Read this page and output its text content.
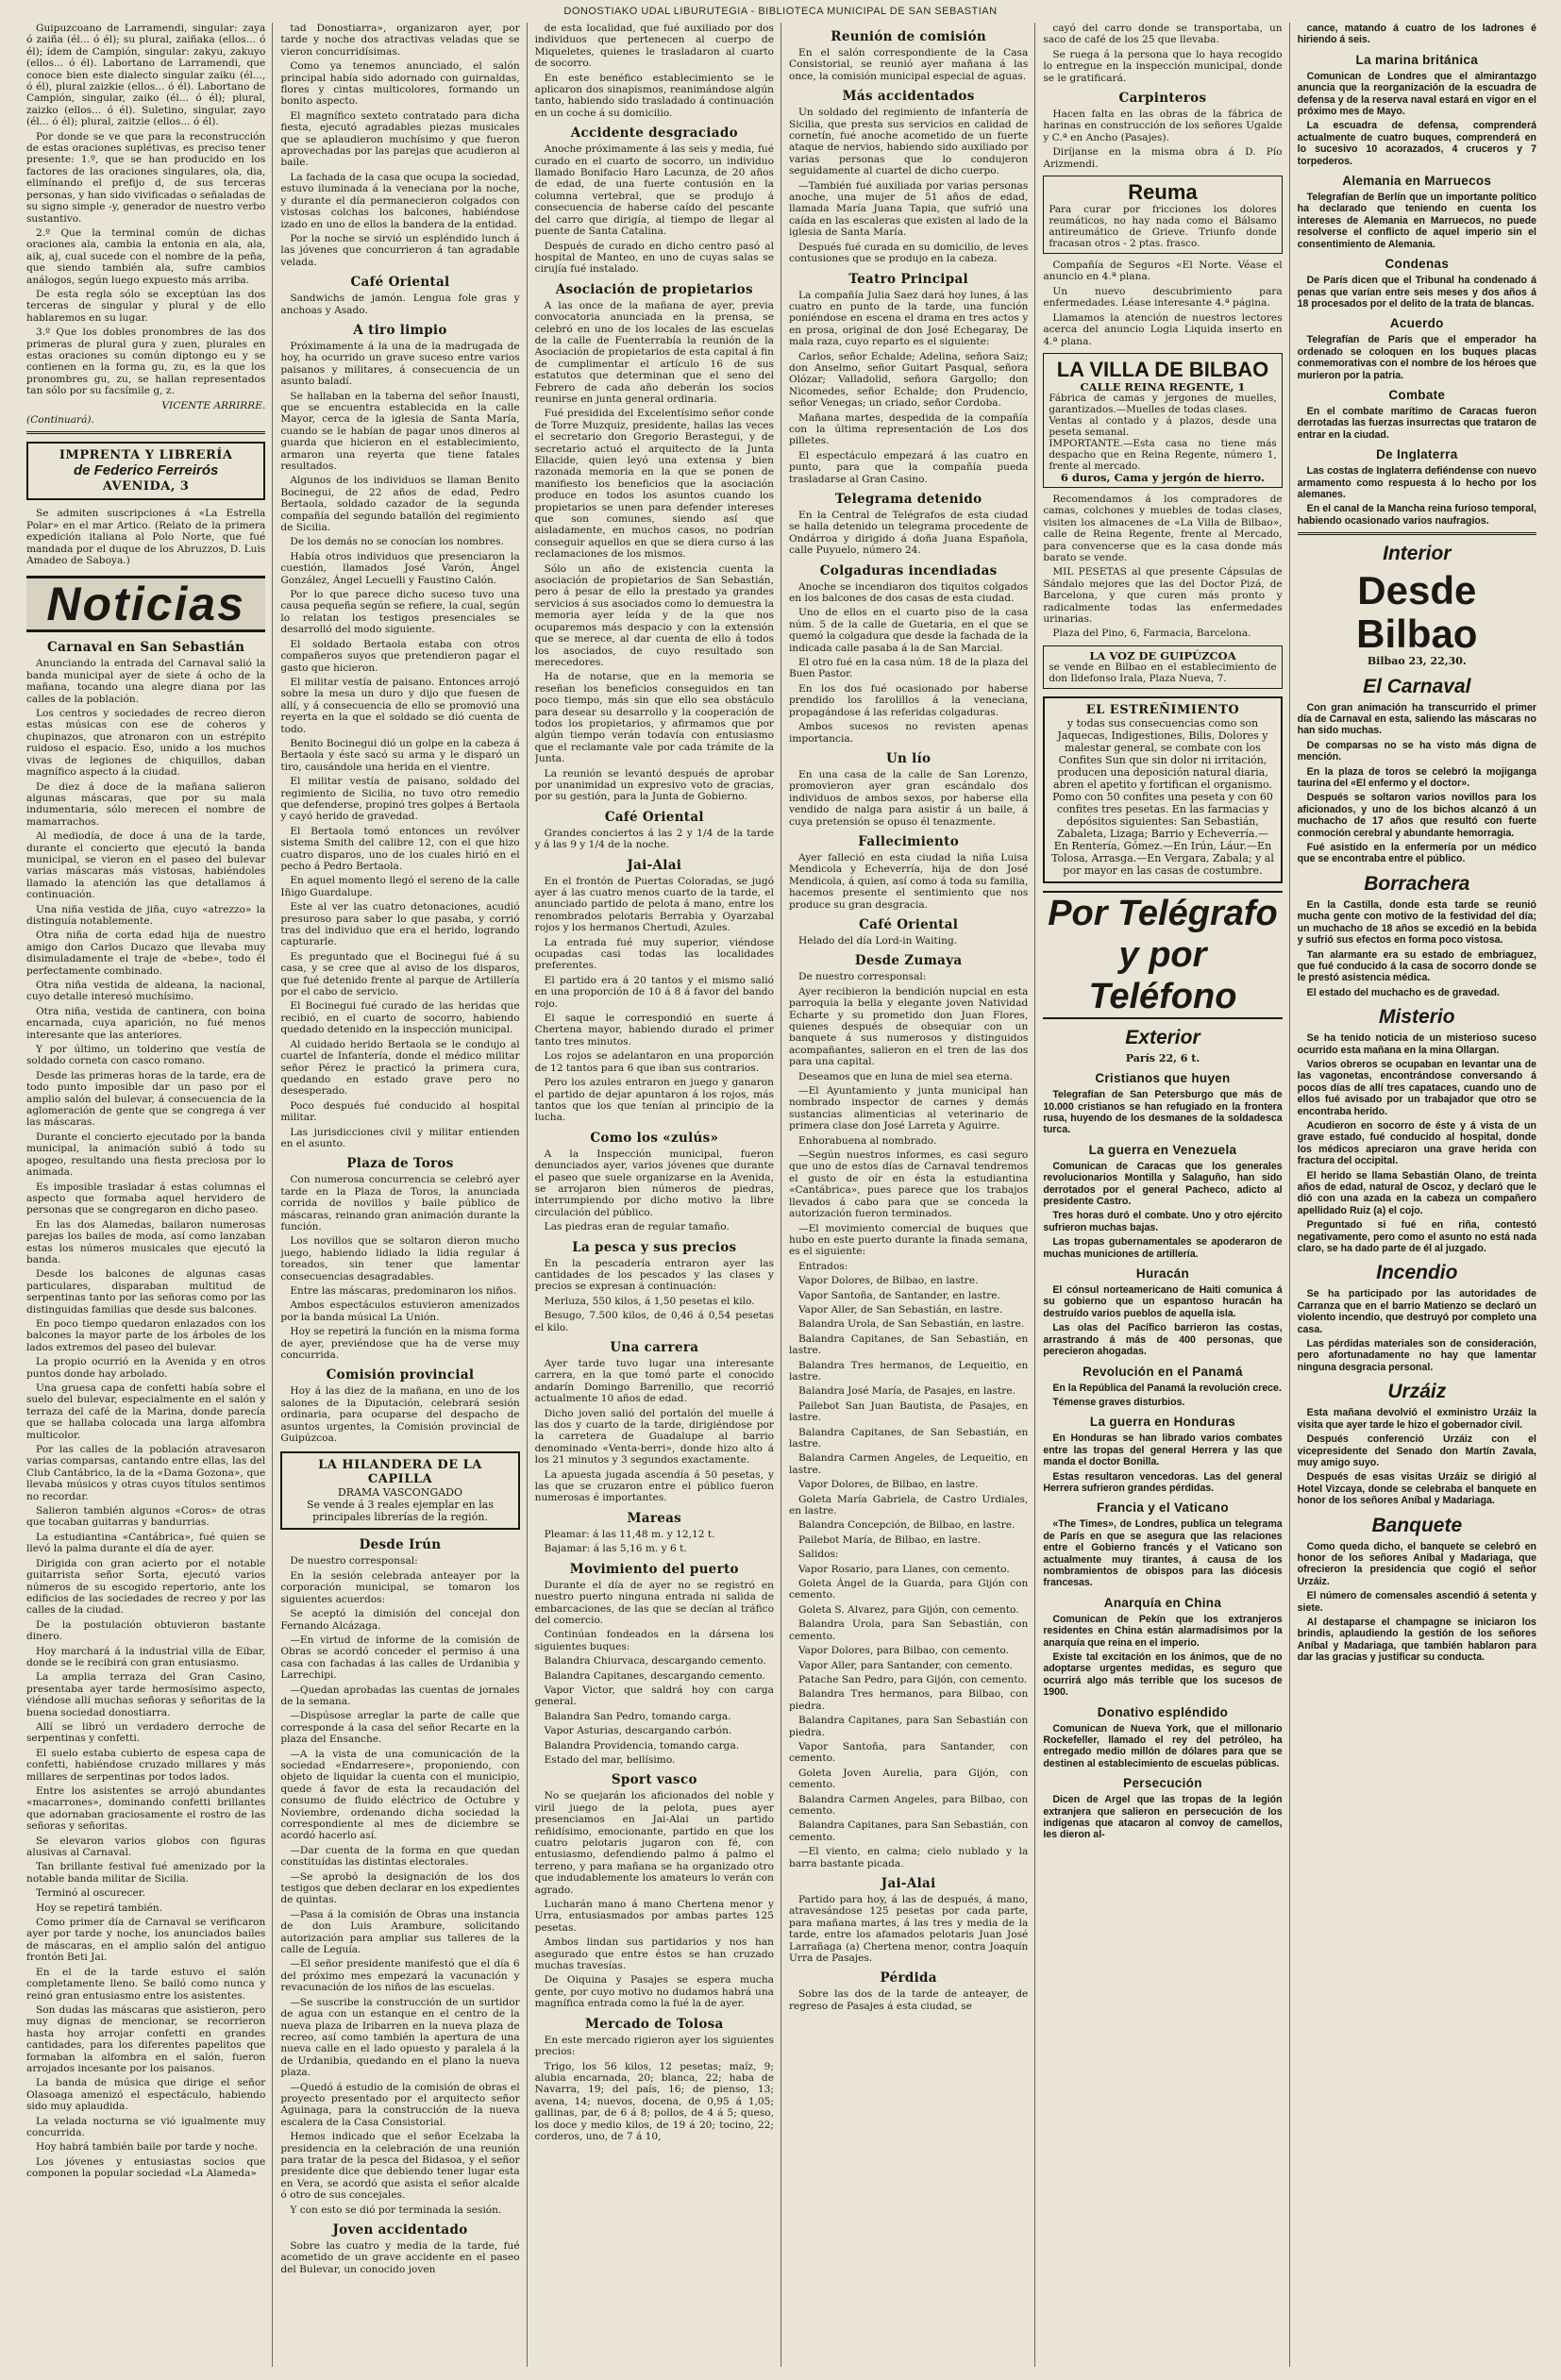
DONOSTIAKO UDAL LIBURUTEGIA - BIBLIOTECA MUNICIPAL DE SAN SEBASTIAN

Guipuzcoano de Larramendi, singular: zaya ó zaiña (él... ó él); su plural, zaiñaka (ellos... ó él); ídem de Campión, singular: zakyu, zakuyo (ellos... ó él). Labortano de Larramendi, que conoce bien este dialecto singular zaiku (él..., ó él), plural zaizkie (ellos... ó él). Labortano de Campión, singular, zaiko (él... ó él); plural, zaizko (ellos... ó él). Suletino, singular, zayo (él... ó él); plural, zaitzie (ellos... ó él).

Por donde se ve que para la reconstrucción de estas oraciones suplétivas, es preciso tener presente: 1.º, que se han producido en los factores de las oraciones singulares, ola, dia, elimínando el prefijo d, de sus terceras personas, y han sido vivificadas o señaladas de su signo simple -y, generador de nuestro verbo sustantivo.

2.º Que la terminal común de dichas oraciones ala, cambia la entonia en ala, ala, aik, aj, cual sucede con el nombre de la peña, que siendo también ala, sufre cambios análogos, según luego expuesto más arriba.

De esta regla sólo se exceptúan las dos terceras de singular y plural y de ello hablaremos en su lugar.

3.º Que los dobles pronombres de las dos primeras de plural gura y zuen, plurales en estas oraciones su común diptongo eu y se contienen en la forma gu, zu, es la que los pronombres gu, zu, se hallan representados tan sólo por su facsímile g, z.

VICENTE ARRIRRE.

(Continuará).

IMPRENTA Y LIBRERÍA
de Federico Ferreirós
AVENIDA, 3

Se admiten suscripciones á «La Estrella Polar» en el mar Artico. (Relato de la primera expedición italiana al Polo Norte, que fué mandada por el duque de los Abruzzos, D. Luis Amadeo de Saboya.)

Noticias
Carnaval en San Sebastián

Anunciando la entrada del Carnaval salió la banda municipal ayer de siete á ocho de la mañana, tocando una alegre diana por las calles de la población.

Los centros y sociedades de recreo dieron estas músicas con ese de coheros y chupinazos, que atronaron con un estrépito ruidoso el espacio. Eso, unido a los muchos vivas de legiones de chiquillos, daban magnífico aspecto á la ciudad.

De diez á doce de la mañana salieron algunas máscaras, que por su mala indumentaria, sólo merecen el nombre de mamarrachos.

Al mediodía, de doce á una de la tarde, durante el concierto que ejecutó la banda municipal, se vieron en el paseo del bulevar varias máscaras más vistosas, habiéndoles llamado la atención las que detallamos á continuación.

Una niña vestida de jiña, cuyo «atrezzo» la distinguía notablemente.

Otra niña de corta edad hija de nuestro amigo don Carlos Ducazo que llevaba muy disimuladamente el traje de «bebe», todo él perfectamente combinado.

Otra niña vestida de aldeana, la nacional, cuyo detalle interesó muchísimo.

Otra niña, vestida de cantinera, con boina encarnada, cuya aparición, no fué menos interesante que las anteriores.

Y por último, un tolderino que vestía de soldado corneta con casco romano.

Desde las primeras horas de la tarde, era de todo punto imposible dar un paso por el amplio salón del bulevar, á consecuencia de la aglomeración de gente que se congrega á ver las máscaras.

Durante el concierto ejecutado por la banda municipal, la animación subió á todo su apogeo, resultando una fiesta preciosa por lo animada.

Es imposible trasladar á estas columnas el aspecto que formaba aquel hervidero de personas que se congregaron en dicho paseo.

En las dos Alamedas, bailaron numerosas parejas los bailes de moda, así como lanzaban estas los números musicales que ejecutó la banda.

Desde los balcones de algunas casas particulares, disparaban multitud de serpentinas tanto por las señoras como por las distinguidas familias que desde sus balcones.

En poco tiempo quedaron enlazados con los balcones la mayor parte de los árboles de los lados extremos del paseo del bulevar.

La propio ocurrió en la Avenida y en otros puntos donde hay arbolado.

Una gruesa capa de confetti había sobre el suelo del bulevar, especialmente en el salón y terraza del café de la Marina, donde parecía que se hallaba colocada una larga alfombra multicolor.

Por las calles de la población atravesaron varias comparsas, cantando entre ellas, las del Club Cantábrico, la de la «Dama Gozona», que llevaba músicos y otras cuyos títulos sentimos no recordar.

Salieron también algunos «Coros» de otras que tocaban guitarras y bandurrias.

La estudiantina «Cantábrica», fué quien se llevó la palma durante el día de ayer.

Dirigida con gran acierto por el notable guitarrista señor Sorta, ejecutó varios números de su escogido repertorio, ante los edificios de las sociedades de recreo y por las calles de la ciudad.

De la postulación obtuvieron bastante dinero.

Hoy marchará á la industrial villa de Eibar, donde se le recibirá con gran entusiasmo.

La amplia terraza del Gran Casino, presentaba ayer tarde hermosísimo aspecto, viéndose allí muchas señoras y señoritas de la buena sociedad donostiarra.

Allí se libró un verdadero derroche de serpentinas y confetti.

El suelo estaba cubierto de espesa capa de confetti, habiéndose cruzado millares y más millares de serpentinas por todos lados.

Entre los asistentes se arrojó abundantes «macarrones», dominando confetti brillantes que adornaban graciosamente el rostro de las señoras y señoritas.

Se elevaron varios globos con figuras alusivas al Carnaval.

Tan brillante festival fué amenizado por la notable banda militar de Sicilia.

Terminó al oscurecer.

Hoy se repetirá también.

Como primer día de Carnaval se verificaron ayer por tarde y noche, los anunciados bailes de máscaras, en el amplio salón del antiguo frontón Beti Jai.

En el de la tarde estuvo el salón completamente lleno. Se bailó como nunca y reinó gran entusiasmo entre los asistentes.

Son dudas las máscaras que asistieron, pero muy dignas de mencionar, se recorrieron hasta hoy arrojar confetti en grandes cantidades, para los diferentes papelitos que formaban la alfombra en el salón, fueron arrojados incesante por los paisanos.

La banda de música que dirige el señor Olasoaga amenizó el espectáculo, habiendo sido muy aplaudida.

La velada nocturna se vió igualmente muy concurrida.

Hoy habrá también baile por tarde y noche.

Los jóvenes y entusiastas socios que componen la popular sociedad «La Alameda»

tad Donostiarra», organizaron ayer, por tarde y noche dos atractivas veladas que se vieron concurridísimas.

Como ya tenemos anunciado, el salón principal había sido adornado con guirnaldas, flores y cintas multicolores, formando un bonito aspecto.

El magnífico sexteto contratado para dicha fiesta, ejecutó agradables piezas musicales que se aplaudieron muchísimo y que fueron aprovechadas por las parejas que acudieron al baile.

La fachada de la casa que ocupa la sociedad, estuvo iluminada á la veneciana por la noche, y durante el día permanecieron colgados con vistosas colchas los balcones, habiéndose izado en uno de ellos la bandera de la entidad.

Por la noche se sirvió un espléndido lunch á las jóvenes que concurrieron á tan agradable velada.

Café Oriental

Sandwichs de jamón. Lengua fole gras y anchoas y Asado.

A tiro limpio

Próximamente á la una de la madrugada de hoy, ha ocurrido un grave suceso entre varios paisanos y militares, á consecuencia de un asunto baladí.

Se hallaban en la taberna del señor Inausti, que se encuentra establecida en la calle Mayor, cerca de la iglesia de Santa María, cuando se le habían de pagar unos dineros al guarda que hicieron en el establecimiento, armaron una reyerta que tiene fatales resultados.

Algunos de los individuos se llaman Benito Bocinegui, de 22 años de edad, Pedro Bertaola, soldado cazador de la segunda compañía del segundo batallón del regimiento de Sicilia.

De los demás no se conocían los nombres.

Había otros individuos que presenciaron la cuestión, llamados José Varón, Ángel González, Ángel Lecuelli y Faustino Calón.

Por lo que parece dicho suceso tuvo una causa pequeña según se refiere, la cual, según lo relatan los testigos presenciales se desarrolló del modo siguiente.

El soldado Bertaola estaba con otros compañeros suyos que pretendieron pagar el gasto que hicieron.

El militar vestía de paisano. Entonces arrojó sobre la mesa un duro y dijo que fuesen de allí, y á consecuencia de ello se promovió una reyerta en la que el soldado se dió cuenta de todo.

Benito Bocinegui dió un golpe en la cabeza á Bertaola y éste sacó su arma y le disparó un tiro, causándole una herida en el vientre.

El militar vestía de paisano, soldado del regimiento de Sicilia, no tuvo otro remedio que defenderse, propinó tres golpes á Bertaola y cayó herido de gravedad.

El Bertaola tomó entonces un revólver sistema Smith del calibre 12, con el que hizo cuatro disparos, uno de los cuales hirió en el pecho á Pedro Bertaola.

En aquel momento llegó el sereno de la calle Iñigo Guardalupe.

Este al ver las cuatro detonaciones, acudió presuroso para saber lo que pasaba, y corrió tras del individuo que era el herido, logrando capturarle.

Es preguntado que el Bocinegui fué á su casa, y se cree que al aviso de los disparos, que fué detenido frente al parque de Artillería por el cabo de servicio.

El Bocinegui fué curado de las heridas que recibió, en el cuarto de socorro, habiendo quedado detenido en la inspección municipal.

Al cuidado herido Bertaola se le condujo al cuartel de Infantería, donde el médico militar señor Pérez le practicó la primera cura, quedando en estado grave pero no desesperado.

Poco después fué conducido al hospital militar.

Las jurisdicciones civil y militar entienden en el asunto.

Plaza de Toros

Con numerosa concurrencia se celebró ayer tarde en la Plaza de Toros, la anunciada corrida de novillos y baile público de máscaras, reinando gran animación durante la función.

Los novillos que se soltaron dieron mucho juego, habiendo lidiado la lidia regular á toreados, sin tener que lamentar consecuencias desagradables.

Entre las máscaras, predominaron los niños.

Ambos espectáculos estuvieron amenizados por la banda músical La Unión.

Hoy se repetirá la función en la misma forma de ayer, previéndose que ha de verse muy concurrida.

Comisión provincial

Hoy á las diez de la mañana, en uno de los salones de la Diputación, celebrará sesión ordinaria, para ocuparse del despacho de asuntos urgentes, la Comisión provincial de Guipúzcoa.

LA HILANDERA DE LA CAPILLA
DRAMA VASCONGADO
Se vende á 3 reales ejemplar en las principales librerías de la región.
Desde Irún

De nuestro corresponsal:

En la sesión celebrada anteayer por la corporación municipal, se tomaron los siguientes acuerdos:

Se aceptó la dimisión del concejal don Fernando Alcázaga.

—En virtud de informe de la comisión de Obras se acordó conceder el permiso á una casa con fachadas á las calles de Urdanibia y Larrechipi.

—Quedan aprobadas las cuentas de jornales de la semana.

—Dispúsose arreglar la parte de calle que corresponde á la casa del señor Recarte en la plaza del Ensanche.

—A la vista de una comunicación de la sociedad «Endarresere», proponiendo, con objeto de liquidar la cuenta con el municipio, quede á favor de esta la recaudación del consumo de fluido eléctrico de Octubre y Noviembre, ordenando dicha sociedad la correspondiente al mes de diciembre se acordó hacerlo así.

—Dar cuenta de la forma en que quedan constituídas las distintas electorales.

—Se aprobó la designación de los dos testigos que deben declarar en los expedientes de quintas.

—Pasa á la comisión de Obras una instancia de don Luis Arambure, solicitando autorización para ampliar sus talleres de la calle de Leguía.

—El señor presidente manifestó que el día 6 del próximo mes empezará la vacunación y revacunación de los niños de las escuelas.

—Se suscribe la construcción de un surtidor de agua con un estanque en el centro de la nueva plaza de Iribarren en la nueva plaza de recreo, así como también la apertura de una nueva calle en el lado opuesto y paralela á la de Urdanibia, quedando en el plano la nueva plaza.

—Quedó á estudio de la comisión de obras el proyecto presentado por el arquitecto señor Aguinaga, para la construcción de la nueva escalera de la Casa Consistorial.

Hemos indicado que el señor Ecelzaba la presidencia en la celebración de una reunión para tratar de la pesca del Bidasoa, y el señor presidente dice que debiendo tener lugar esta en Vera, se acordó que asista el señor alcalde ó otro de sus concejales.

Y con esto se dió por terminada la sesión.

Joven accidentado

Sobre las cuatro y media de la tarde, fué acometido de un grave accidente en el paseo del Bulevar, un conocido joven

de esta localidad, que fué auxiliado por dos individuos que pertenecen al cuerpo de Miqueletes, quienes le trasladaron al cuarto de socorro.

En este benéfico establecimiento se le aplicaron dos sinapismos, reanimándose algún tanto, habiendo sido trasladado á continuación en un coche á su domicilio.

Accidente desgraciado

Anoche próximamente á las seis y media, fué curado en el cuarto de socorro, un individuo llamado Bonifacio Haro Lacunza, de 20 años de edad, de una fuerte contusión en la columna vertebral, que se produjo á consecuencia de haberse caído del pescante del carro que dirigía, al tiempo de llegar al puente de Santa Catalina.

Después de curado en dicho centro pasó al hospital de Manteo, en uno de cuyas salas se cirujía fué instalado.

Asociación de propietarios

A las once de la mañana de ayer, previa convocatoria anunciada en la prensa, se celebró en uno de los locales de las escuelas de la calle de Fuenterrabía la reunión de la Asociación de propietarios de esta capital á fin de cumplimentar el artículo 16 de sus estatutos que determinan que el seno del Febrero de cada año deberán los socios reunirse en junta general ordinaria.

Fué presidida del Excelentísimo señor conde de Torre Muzquiz, presidente, hallas las veces el secretario don Gregorio Berastegui, y de secretario actuó el arquitecto de la Junta Ellacide, quien leyó una extensa y bien razonada memoria en la que se ponen de manifiesto los beneficios que la asociación produce en todos los asuntos cuando los propietarios se unen para defender intereses que son comunes, siendo así que aisladamente, en muchos casos, no podrían conseguir aquellos en que se diera curso á las reclamaciones de los mismos.

Sólo un año de existencia cuenta la asociación de propietarios de San Sebastián, pero á pesar de ello la prestado ya grandes servicios á sus asociados como lo demuestra la memoria ayer leída y de la que nos ocuparemos más despacio y con la extensión que se merece, al dar cuenta de ello á todos los asociados, de cuyo resultado son merecedores.

Ha de notarse, que en la memoria se reseñan los beneficios conseguidos en tan poco tiempo, más sin que ello sea obstáculo para desear su desarrollo y la cooperación de todos los propietarios, y afirmamos que por algún tiempo verán todavía con entusiasmo que el reclamante vale por cada trámite de la Junta.

La reunión se levantó después de aprobar por unanimidad un expresivo voto de gracias, por su gestión, para la Junta de Gobierno.

Café Oriental

Grandes conciertos á las 2 y 1/4 de la tarde y á las 9 y 1/4 de la noche.

Jai-Alai

En el frontón de Puertas Coloradas, se jugó ayer á las cuatro menos cuarto de la tarde, el anunciado partido de pelota á mano, entre los renombrados pelotaris Berrabia y Oyarzabal rojos y los hermanos Chertudi, Azules.

La entrada fué muy superior, viéndose ocupadas casi todas las localidades preferentes.

El partido era á 20 tantos y el mismo salió en una proporción de 10 á 8 á favor del bando rojo.

El saque le correspondió en suerte á Chertena mayor, habiendo durado el primer tanto tres minutos.

Los rojos se adelantaron en una proporción de 12 tantos para 6 que iban sus contrarios.

Pero los azules entraron en juego y ganaron el partido de dejar apuntaron á los rojos, más tantos que los que tenían al principio de la lucha.

Como los «zulús»

A la Inspección municipal, fueron denunciados ayer, varios jóvenes que durante el paseo que suele organizarse en la Avenida, se arrojaron bien números de piedras, interrumpiendo por dicho motivo la libre circulación del público.

Las piedras eran de regular tamaño.

La pesca y sus precios

En la pescadería entraron ayer las cantidades de los pescados y las clases y precios se expresan á continuación:

Merluza, 550 kilos, á 1,50 pesetas el kilo.

Besugo, 7.500 kilos, de 0,46 á 0,54 pesetas el kilo.

Una carrera

Ayer tarde tuvo lugar una interesante carrera, en la que tomó parte el conocido andarín Domingo Barrenillo, que recorrió actualmente 10 años de edad.

Dicho joven salió del portalón del muelle á las dos y cuarto de la tarde, dirigiéndose por la carretera de Guadalupe al barrio denominado «Venta-berri», donde hizo alto á los 21 minutos y 3 segundos exactamente.

La apuesta jugada ascendía á 50 pesetas, y las que se cruzaron entre el público fueron numerosas é importantes.

Mareas

Pleamar: á las 11,48 m. y 12,12 t.

Bajamar: á las 5,16 m. y 6 t.

Movimiento del puerto

Durante el día de ayer no se registró en nuestro puerto ninguna entrada ni salida de embarcaciones, de las que se decían al tráfico del comercio.

Continúan fondeados en la dársena los siguientes buques:

Balandra Chiurvaca, descargando cemento.

Balandra Capitanes, descargando cemento.

Vapor Victor, que saldrá hoy con carga general.

Balandra San Pedro, tomando carga.

Vapor Asturias, descargando carbón.

Balandra Providencia, tomando carga.

Estado del mar, bellísimo.

Sport vasco

No se quejarán los aficionados del noble y viril juego de la pelota, pues ayer presenciamos en Jai-Alai un partido reñidísimo, emocionante, partido en que los cuatro pelotaris jugaron con fé, con entusiasmo, defendiendo palmo á palmo el terreno, y para mañana se ha organizado otro que indudablemente los amateurs lo verán con agrado.

Lucharán mano á mano Chertena menor y Urra, entusiasmados por ambas partes 125 pesetas.

Ambos lindan sus partidarios y nos han asegurado que entre éstos se han cruzado muchas travesías.

De Oiquina y Pasajes se espera mucha gente, por cuyo motivo no dudamos habrá una magnífica entrada como la fué la de ayer.

Mercado de Tolosa

En este mercado rigieron ayer los siguientes precios:

Trigo, los 56 kilos, 12 pesetas; maíz, 9; alubia encarnada, 20; blanca, 22; haba de Navarra, 19; del país, 16; de pienso, 13; avena, 14; nuevos, docena, de 0,95 á 1,05; gallinas, par, de 6 á 8; pollos, de 4 á 5; queso, los doce y medio kilos, de 19 á 20; tocino, 22; corderos, uno, de 7 á 10,

Reunión de comisión

En el salón correspondiente de la Casa Consistorial, se reunió ayer mañana á las once, la comisión municipal especial de aguas.

Más accidentados

Un soldado del regimiento de infantería de Sicilia, que presta sus servicios en calidad de cornetín, fué anoche acometido de un fuerte ataque de nervios, habiendo sido auxiliado por varias personas que lo condujeron seguidamente al cuartel de dicho cuerpo.

—También fué auxiliada por varias personas anoche, una mujer de 51 años de edad, llamada María Juana Tapia, que sufrió una caída en las escaleras que existen al lado de la iglesia de Santa María.

Después fué curada en su domicilio, de leves contusiones que se produjo en la cabeza.

Teatro Principal

La compañía Julia Saez dará hoy lunes, á las cuatro en punto de la tarde, una función poniéndose en escena el drama en tres actos y en prosa, original de don José Echegaray, De mala raza, cuyo reparto es el siguiente:

Carlos, señor Echalde; Adelina, señora Saiz; don Anselmo, señor Guitart Pasqual, señora Olózar; Valladolid, señora Gargollo; don Nicomedes, señor Echalde; don Prudencio, señor Venegas; un criado, señor Cordoba.

Mañana martes, despedida de la compañía con la última representación de Los dos pilletes.

El espectáculo empezará á las cuatro en punto, para que la compañía pueda trasladarse al Gran Casino.

Telegrama detenido

En la Central de Telégrafos de esta ciudad se halla detenido un telegrama procedente de Ondárroa y dirigido á doña Juana Española, calle Puyuelo, número 24.

Colgaduras incendiadas

Anoche se incendiaron dos tiquitos colgados en los balcones de dos casas de esta ciudad.

Uno de ellos en el cuarto piso de la casa núm. 5 de la calle de Guetaria, en el que se quemó la colgadura que desde la fachada de la indicada calle pasaba á la de San Marcial.

El otro fué en la casa núm. 18 de la plaza del Buen Pastor.

En los dos fué ocasionado por haberse prendido los farolillos á la veneciana, propagándose á las referidas colgaduras.

Ambos sucesos no revisten apenas importancia.

Un lío

En una casa de la calle de San Lorenzo, promovieron ayer gran escándalo dos individuos de ambos sexos, por haberse ella vendido de nalga para asistir á un baile, á cuya pretensión se opuso él tenazmente.

Fallecimiento

Ayer falleció en esta ciudad la niña Luisa Mendicola y Echeverría, hija de don José Mendicola, á quien, así como á toda su familia, hacemos presente el sentimiento que nos produce su gran desgracia.

Café Oriental

Helado del día Lord-in Waiting.

Desde Zumaya

De nuestro corresponsal:

Ayer recibieron la bendición nupcial en esta parroquia la bella y elegante joven Natividad Echarte y su prometido don Juan Flores, quienes después de obsequiar con un banquete á sus numerosos y distinguidos acompañantes, salieron en el tren de las dos para una capital.

Deseamos que en luna de miel sea eterna.

—El Ayuntamiento y junta municipal han nombrado inspector de carnes y demás sustancias alimenticias al veterinario de primera clase don José Larreta y Aguirre.

Enhorabuena al nombrado.

—Según nuestros informes, es casi seguro que uno de estos días de Carnaval tendremos el gusto de oír en ésta la estudiantina «Cantábrica», pues parece que los trabajos llevados á cabo para que se conceda la autorización fueron terminados.

—El movimiento comercial de buques que hubo en este puerto durante la finada semana, es el siguiente:

Entrados:

Vapor Dolores, de Bilbao, en lastre.

Vapor Santoña, de Santander, en lastre.

Vapor Aller, de San Sebastián, en lastre.

Balandra Urola, de San Sebastián, en lastre.

Balandra Capitanes, de San Sebastián, en lastre.

Balandra Tres hermanos, de Lequeitio, en lastre.

Balandra José María, de Pasajes, en lastre.

Pailebot San Juan Bautista, de Pasajes, en lastre.

Balandra Capitanes, de San Sebastián, en lastre.

Balandra Carmen Angeles, de Lequeitio, en lastre.

Vapor Dolores, de Bilbao, en lastre.

Goleta María Gabriela, de Castro Urdiales, en lastre.

Balandra Concepción, de Bilbao, en lastre.

Pailebot María, de Bilbao, en lastre.

Salidos:

Vapor Rosario, para Llanes, con cemento.

Goleta Ángel de la Guarda, para Gijón con cemento.

Goleta S. Alvarez, para Gijón, con cemento.

Balandra Urola, para San Sebastián, con cemento.

Vapor Dolores, para Bilbao, con cemento.

Vapor Aller, para Santander, con cemento.

Patache San Pedro, para Gijón, con cemento.

Balandra Tres hermanos, para Bilbao, con piedra.

Balandra Capitanes, para San Sebastián con piedra.

Vapor Santoña, para Santander, con cemento.

Goleta Joven Aurelia, para Gijón, con cemento.

Balandra Carmen Angeles, para Bilbao, con cemento.

Balandra Capitanes, para San Sebastián, con cemento.

—El viento, en calma; cielo nublado y la barra bastante picada.

Jai-Alai

Partido para hoy, á las de después, á mano, atravesándose 125 pesetas por cada parte, para mañana martes, á las tres y media de la tarde, entre los afamados pelotaris Juan José Larrañaga (a) Chertena menor, contra Joaquín Urra de Pasajes.

Pérdida

Sobre las dos de la tarde de anteayer, de regreso de Pasajes á esta ciudad, se

cayó del carro donde se transportaba, un saco de café de los 25 que llevaba.

Se ruega á la persona que lo haya recogido lo entregue en la inspección municipal, donde se le gratificará.

Carpinteros

Hacen falta en las obras de la fábrica de harinas en construcción de los señores Ugalde y C.ª en Ancho (Pasajes).

Diríjanse en la misma obra á D. Pío Arizmendi.

Reuma
Para curar por fricciones los dolores reumáticos, no hay nada como el Bálsamo antireumático de Grieve. Triunfo donde fracasan otros - 2 ptas. frasco.

Compañía de Seguros «El Norte. Véase el anuncio en 4.ª plana.

Un nuevo descubrimiento para enfermedades. Léase interesante 4.ª página.

Llamamos la atención de nuestros lectores acerca del anuncio Logia Liquida inserto en 4.ª plana.

LA VILLA DE BILBAO
CALLE REINA REGENTE, 1
Fábrica de camas y jergones de muelles, garantizados.—Muelles de todas clases.
Ventas al contado y á plazos, desde una peseta semanal.
IMPORTANTE.—Esta casa no tiene más despacho que en Reina Regente, número 1, frente al mercado.
6 duros, Cama y jergón de hierro.

Recomendamos á los compradores de camas, colchones y muebles de todas clases, visiten los almacenes de «La Villa de Bilbao», calle de Reina Regente, frente al Mercado, para convencerse que es la casa donde más barato se vende.

MIL PESETAS al que presente Cápsulas de Sándalo mejores que las del Doctor Pizá, de Barcelona, y que curen más pronto y radicalmente todas las enfermedades urinarias.

Plaza del Pino, 6, Farmacia, Barcelona.

LA VOZ DE GUIPÚZCOA
se vende en Bilbao en el establecimiento de don Ildefonso Irala, Plaza Nueva, 7.
EL ESTREÑIMIENTO
y todas sus consecuencias como son Jaquecas, Indigestiones, Bilis, Dolores y malestar general, se combate con los Confites Sun que sin dolor ni irritación, producen una deposición natural diaria, abren el apetito y fortifican el organismo. Pomo con 50 confites una peseta y con 60 confites tres pesetas. En las farmacias y depósitos siguientes: San Sebastián, Zabaleta, Lizaga; Barrio y Echeverría.—En Rentería, Gómez.—En Irún, Láur.—En Tolosa, Arrasga.—En Vergara, Zabala; y al por mayor en las casas de costumbre.
Por Telégrafo
y por Teléfono
Exterior
París 22, 6 t.
Cristianos que huyen

Telegrafían de San Petersburgo que más de 10.000 cristianos se han refugiado en la frontera rusa, huyendo de los desmanes de la soldadesca turca.

La guerra en Venezuela

Comunican de Caracas que los generales revolucionarios Montilla y Salaguño, han sido derrotados por el general Pacheco, adicto al presidente Castro.

Tres horas duró el combate. Uno y otro ejército sufrieron muchas bajas.

Las tropas gubernamentales se apoderaron de muchas municiones de artillería.

Huracán

El cónsul norteamericano de Haiti comunica á su gobierno que un espantoso huracán ha destruído varios pueblos de aquella isla.

Las olas del Pacífico barrieron las costas, arrastrando á más de 400 personas, que perecieron ahogadas.

Revolución en el Panamá

En la República del Panamá la revolución crece.

Témense graves disturbios.

La guerra en Honduras

En Honduras se han librado varios combates entre las tropas del general Herrera y las que manda el doctor Bonilla.

Estas resultaron vencedoras. Las del general Herrera sufrieron grandes pérdidas.

Francia y el Vaticano

«The Times», de Londres, publica un telegrama de París en que se asegura que las relaciones entre el Gobierno francés y el Vaticano son actualmente muy tirantes, á causa de los nombramientos de obispos para las diócesis francesas.

Anarquía en China

Comunican de Pekín que los extranjeros residentes en China están alarmadísimos por la anarquía que reina en el imperio.

Existe tal excitación en los ánimos, que de no adoptarse urgentes medidas, es seguro que ocurrirá algo más terrible que los sucesos de 1900.

Donativo espléndido

Comunican de Nueva York, que el millonario Rockefeller, llamado el rey del petróleo, ha entregado medio millón de dólares para que se destinen al establecimiento de escuelas públicas.

Persecución

Dicen de Argel que las tropas de la legión extranjera que salieron en persecución de los indígenas que atacaron al convoy de camellos, les dieron al-

cance, matando á cuatro de los ladrones é hiriendo á seis.

La marina británica

Comunican de Londres que el almirantazgo anuncia que la reorganización de la escuadra de defensa y de la reserva naval estará en vigor en el próximo mes de Mayo.

La escuadra de defensa, comprenderá actualmente de cuatro buques, comprenderá en lo sucesivo 10 acorazados, 4 cruceros y 7 torpederos.

Alemania en Marruecos

Telegrafían de Berlín que un importante político ha declarado que teniendo en cuenta los intereses de Alemania en Marruecos, no puede resolverse el conflicto de aquel imperio sin el consentimiento de Alemania.

Condenas

De París dicen que el Tribunal ha condenado á penas que varían entre seis meses y dos años á 18 procesados por el delito de la trata de blancas.

Acuerdo

Telegrafían de París que el emperador ha ordenado se coloquen en los buques placas conmemorativas con el nombre de los héroes que murieron por la patria.

Combate

En el combate marítimo de Caracas fueron derrotadas las fuerzas insurrectas que trataron de entrar en la ciudad.

De Inglaterra

Las costas de Inglaterra defiéndense con nuevo armamento como respuesta á lo hecho por los alemanes.

En el canal de la Mancha reina furioso temporal, habiendo ocasionado varios naufragios.

Interior
Desde Bilbao
Bilbao 23, 22,30.
El Carnaval

Con gran animación ha transcurrido el primer día de Carnaval en esta, saliendo las máscaras no han sido muchas.

De comparsas no se ha visto más digna de mención.

En la plaza de toros se celebró la mojiganga taurina del «El enfermo y el doctor».

Después se soltaron varios novillos para los aficionados, y uno de los bichos alcanzó á un muchacho de 17 años que resultó con fuerte conmoción cerebral y abundante hemorragia.

Fué asistido en la enfermería por un médico que se encontraba entre el público.

Borrachera

En la Castilla, donde esta tarde se reunió mucha gente con motivo de la festividad del día; un muchacho de 18 años se excedió en la bebida y sufrió sus efectos en forma poco vistosa.

Tan alarmante era su estado de embriaguez, que fué conducido á la casa de socorro donde se le prestó asistencia médica.

El estado del muchacho es de gravedad.

Misterio

Se ha tenido noticia de un misterioso suceso ocurrido esta mañana en la mina Ollargan.

Varios obreros se ocupaban en levantar una de las vagonetas, encontrándose conversando á pocos días de allí tres capataces, cuando uno de ellos fué avisado por un trabajador que otro se encontraba herido.

Acudieron en socorro de éste y á vista de un grave estado, fué conducido al hospital, donde los médicos apreciaron una grave herida con fractura del occipital.

El herido se llama Sebastián Olano, de treinta años de edad, natural de Oscoz, y declaró que le dió con una azada en la cabeza un compañero apellidado Ruiz (a) el cojo.

Preguntado si fué en riña, contestó negativamente, pero como el asunto no está nada claro, se ha dado parte de él al juzgado.

Incendio

Se ha participado por las autoridades de Carranza que en el barrio Matienzo se declaró un violento incendio, que destruyó por completo una casa.

Las pérdidas materiales son de consideración, pero afortunadamente no hay que lamentar ninguna desgracia personal.

Urzáiz

Esta mañana devolvió el exministro Urzáiz la visita que ayer tarde le hizo el gobernador civil.

Después conferenció Urzáiz con el vicepresidente del Senado don Martín Zavala, muy amigo suyo.

Después de esas visitas Urzáiz se dirigió al Hotel Vizcaya, donde se celebraba el banquete en honor de los señores Aníbal y Madariaga.

Banquete

Como queda dicho, el banquete se celebró en honor de los señores Aníbal y Madariaga, que ofrecieron la presidencia que cogió el señor Urzáiz.

El número de comensales ascendió á setenta y siete.

Al destaparse el champagne se iniciaron los brindis, aplaudiendo la gestión de los señores Aníbal y Madariaga, que también hablaron para dar las gracias y justificar su conducta.
